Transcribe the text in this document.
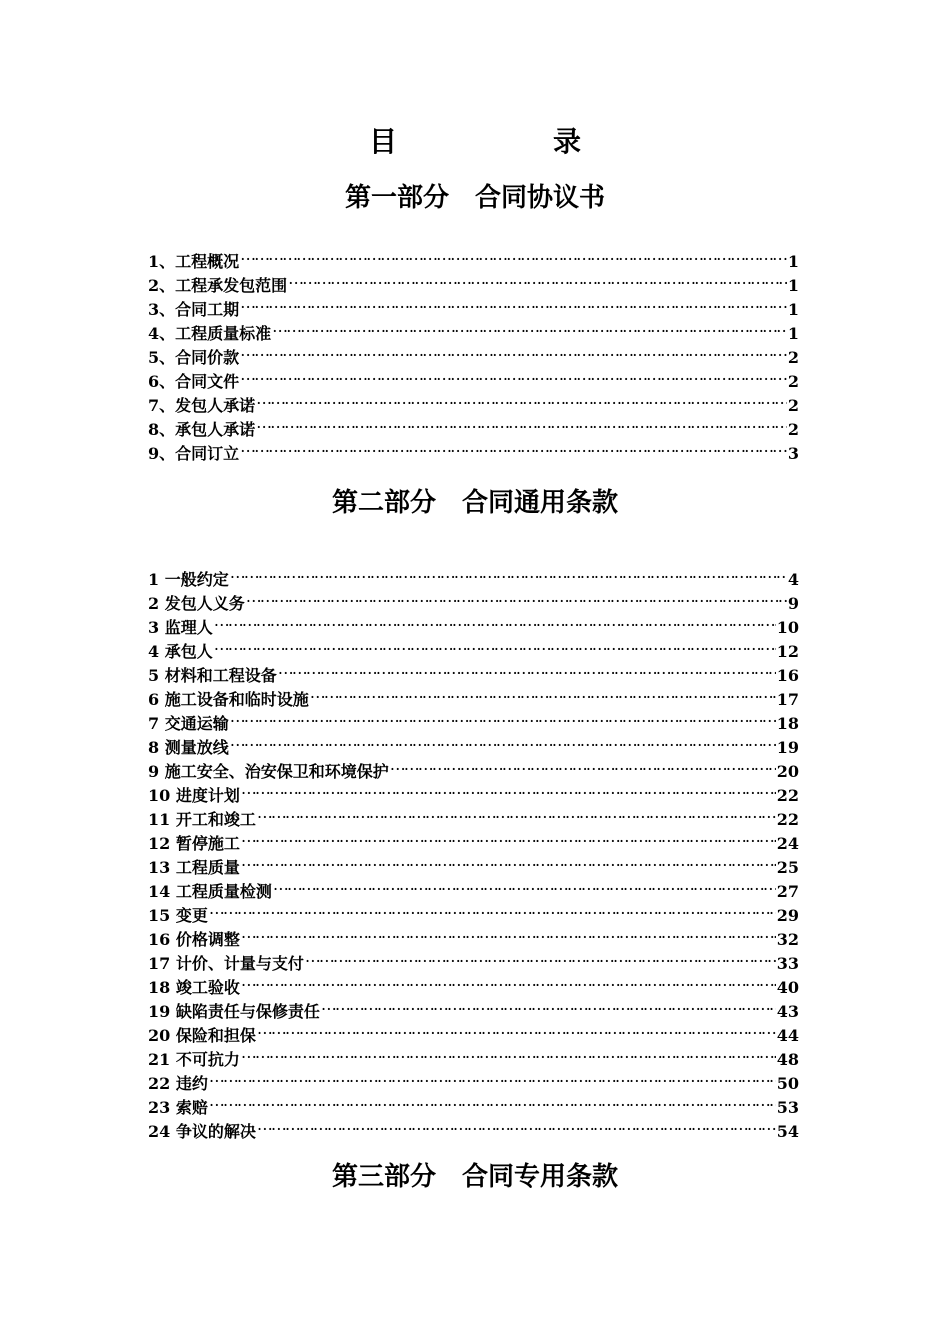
目　录
第一部分　合同协议书
1、工程概况 …………………………………………………………………………………………………………………………………………………………………………………………………………………………………………	1
2、工程承发包范围 …………………………………………………………………………………………………………………………………………………………………………………………………………………………………………	1
3、合同工期 …………………………………………………………………………………………………………………………………………………………………………………………………………………………………………	1
4、工程质量标准 …………………………………………………………………………………………………………………………………………………………………………………………………………………………………………	1
5、合同价款 …………………………………………………………………………………………………………………………………………………………………………………………………………………………………………	2
6、合同文件 …………………………………………………………………………………………………………………………………………………………………………………………………………………………………………	2
7、发包人承诺 …………………………………………………………………………………………………………………………………………………………………………………………………………………………………………	2
8、承包人承诺 …………………………………………………………………………………………………………………………………………………………………………………………………………………………………………	2
9、合同订立 …………………………………………………………………………………………………………………………………………………………………………………………………………………………………………	3
第二部分　合同通用条款
1 一般约定 …………………………………………………………………………………………………………………………………………………………………………………………………………………………………………	4
2 发包人义务 …………………………………………………………………………………………………………………………………………………………………………………………………………………………………………	9
3 监理人 …………………………………………………………………………………………………………………………………………………………………………………………………………………………………………	10
4 承包人 …………………………………………………………………………………………………………………………………………………………………………………………………………………………………………	12
5 材料和工程设备 …………………………………………………………………………………………………………………………………………………………………………………………………………………………………………	16
6 施工设备和临时设施 …………………………………………………………………………………………………………………………………………………………………………………………………………………………………………	17
7 交通运输 …………………………………………………………………………………………………………………………………………………………………………………………………………………………………………	18
8 测量放线 …………………………………………………………………………………………………………………………………………………………………………………………………………………………………………	19
9 施工安全、治安保卫和环境保护 …………………………………………………………………………………………………………………………………………………………………………………………………………………………………………	20
10 进度计划 …………………………………………………………………………………………………………………………………………………………………………………………………………………………………………	22
11 开工和竣工 …………………………………………………………………………………………………………………………………………………………………………………………………………………………………………	22
12 暂停施工 …………………………………………………………………………………………………………………………………………………………………………………………………………………………………………	24
13 工程质量 …………………………………………………………………………………………………………………………………………………………………………………………………………………………………………	25
14 工程质量检测 …………………………………………………………………………………………………………………………………………………………………………………………………………………………………………	27
15 变更 …………………………………………………………………………………………………………………………………………………………………………………………………………………………………………	29
16 价格调整 …………………………………………………………………………………………………………………………………………………………………………………………………………………………………………	32
17 计价、计量与支付 …………………………………………………………………………………………………………………………………………………………………………………………………………………………………………	33
18 竣工验收 …………………………………………………………………………………………………………………………………………………………………………………………………………………………………………	40
19 缺陷责任与保修责任 …………………………………………………………………………………………………………………………………………………………………………………………………………………………………………	43
20 保险和担保 …………………………………………………………………………………………………………………………………………………………………………………………………………………………………………	44
21 不可抗力 …………………………………………………………………………………………………………………………………………………………………………………………………………………………………………	48
22 违约 …………………………………………………………………………………………………………………………………………………………………………………………………………………………………………	50
23 索赔 …………………………………………………………………………………………………………………………………………………………………………………………………………………………………………	53
24 争议的解决 …………………………………………………………………………………………………………………………………………………………………………………………………………………………………………	54
第三部分　合同专用条款
